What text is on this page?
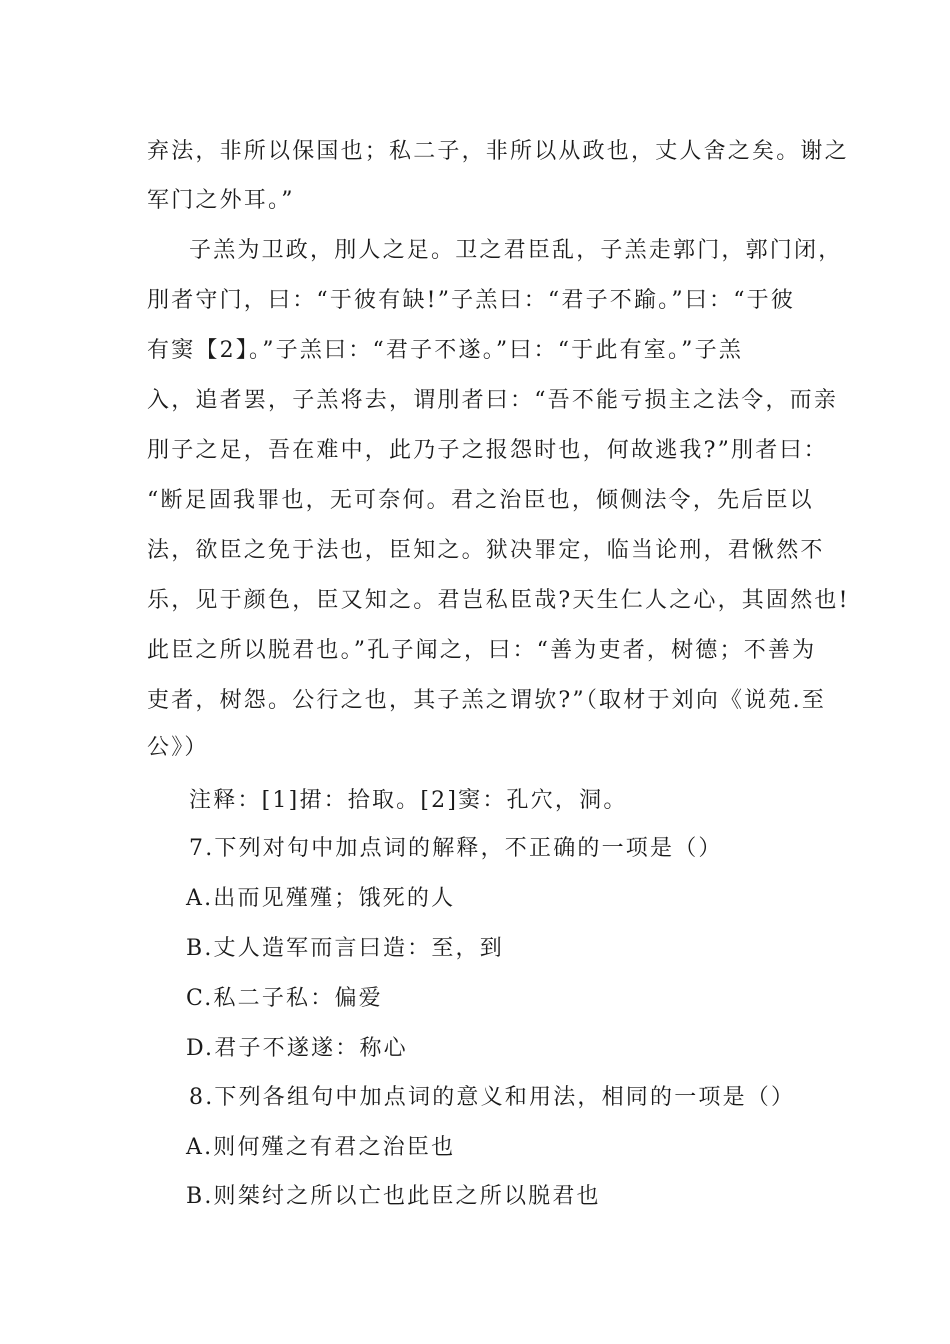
弃法，非所以保国也；私二子，非所以从政也，丈人舍之矣。谢之
军门之外耳。”
子羔为卫政，刖人之足。卫之君臣乱，子羔走郭门，郭门闭，
刖者守门，曰：“于彼有缺!”子羔曰：“君子不踰。”曰：“于彼
有窦【2】。”子羔曰：“君子不遂。”曰：“于此有室。”子羔
入，追者罢，子羔将去，谓刖者曰：“吾不能亏损主之法令，而亲
刖子之足，吾在难中，此乃子之报怨时也，何故逃我?”刖者曰：
“断足固我罪也，无可奈何。君之治臣也，倾侧法令，先后臣以
法，欲臣之免于法也，臣知之。狱决罪定，临当论刑，君愀然不
乐，见于颜色，臣又知之。君岂私臣哉?天生仁人之心，其固然也!
此臣之所以脱君也。”孔子闻之，曰：“善为吏者，树德；不善为
吏者，树怨。公行之也，其子羔之谓欤?”（取材于刘向《说苑.至
公》）
注释：[1]捃：拾取。[2]窦：孔穴，洞。
7.下列对句中加点词的解释，不正确的一项是（）
A.出而见殣殣；饿死的人
B.丈人造军而言曰造：至，到
C.私二子私：偏爱
D.君子不遂遂：称心
8.下列各组句中加点词的意义和用法，相同的一项是（）
A.则何殣之有君之治臣也
B.则桀纣之所以亡也此臣之所以脱君也
